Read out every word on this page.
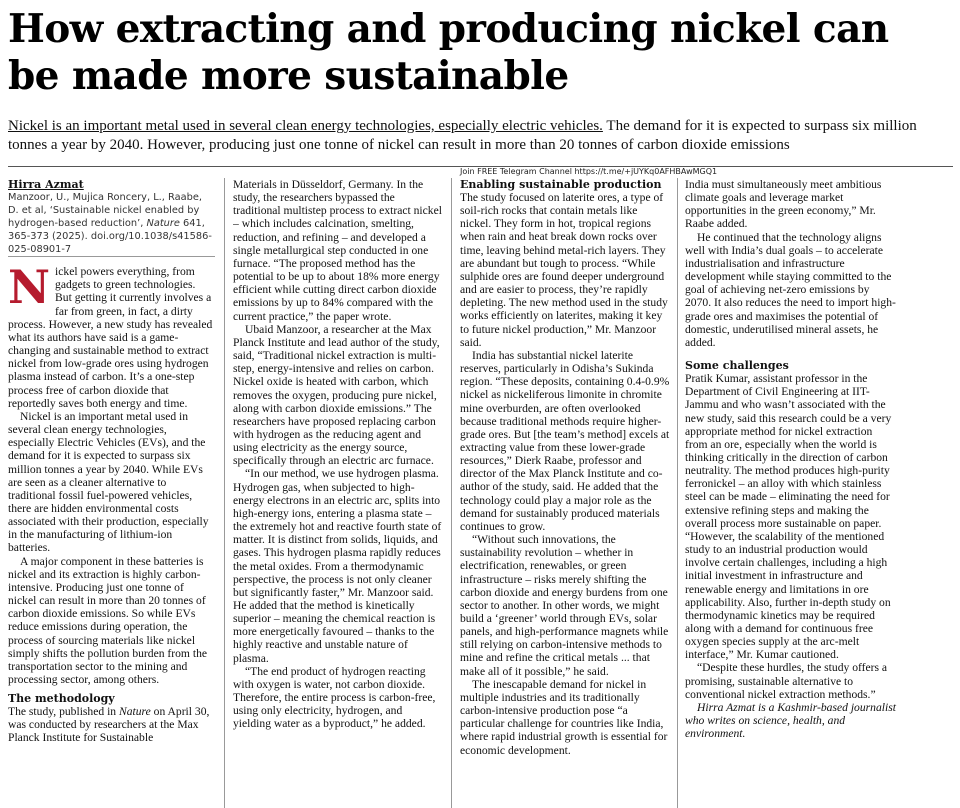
How extracting and producing nickel can be made more sustainable

Nickel is an important metal used in several clean energy technologies, especially electric vehicles. The demand for it is expected to surpass six million tonnes a year by 2040. However, producing just one tonne of nickel can result in more than 20 tonnes of carbon dioxide emissions

Join FREE Telegram Channel https://t.me/+jUYKq0AFHBAwMGQ1

Hirra Azmat

Manzoor, U., Mujica Roncery, L., Raabe, D. et al, ‘Sustainable nickel enabled by hydrogen-based reduction’, Nature 641, 365-373 (2025). doi.org/10.1038/s41586-025-08901-7

Nickel powers everything, from gadgets to green technologies. But getting it currently involves a far from green, in fact, a dirty process. However, a new study has revealed what its authors have said is a game-changing and sustainable method to extract nickel from low-grade ores using hydrogen plasma instead of carbon. It’s a one-step process free of carbon dioxide that reportedly saves both energy and time.

Nickel is an important metal used in several clean energy technologies, especially Electric Vehicles (EVs), and the demand for it is expected to surpass six million tonnes a year by 2040. While EVs are seen as a cleaner alternative to traditional fossil fuel-powered vehicles, there are hidden environmental costs associated with their production, especially in the manufacturing of lithium-ion batteries.

A major component in these batteries is nickel and its extraction is highly carbon-intensive. Producing just one tonne of nickel can result in more than 20 tonnes of carbon dioxide emissions. So while EVs reduce emissions during operation, the process of sourcing materials like nickel simply shifts the pollution burden from the transportation sector to the mining and processing sector, among others.

The methodology

The study, published in Nature on April 30, was conducted by researchers at the Max Planck Institute for Sustainable

Materials in Düsseldorf, Germany. In the study, the researchers bypassed the traditional multistep process to extract nickel – which includes calcination, smelting, reduction, and refining – and developed a single metallurgical step conducted in one furnace. “The proposed method has the potential to be up to about 18% more energy efficient while cutting direct carbon dioxide emissions by up to 84% compared with the current practice,” the paper wrote.

Ubaid Manzoor, a researcher at the Max Planck Institute and lead author of the study, said, “Traditional nickel extraction is multi-step, energy-intensive and relies on carbon. Nickel oxide is heated with carbon, which removes the oxygen, producing pure nickel, along with carbon dioxide emissions.” The researchers have proposed replacing carbon with hydrogen as the reducing agent and using electricity as the energy source, specifically through an electric arc furnace.

“In our method, we use hydrogen plasma. Hydrogen gas, when subjected to high-energy electrons in an electric arc, splits into high-energy ions, entering a plasma state – the extremely hot and reactive fourth state of matter. It is distinct from solids, liquids, and gases. This hydrogen plasma rapidly reduces the metal oxides. From a thermodynamic perspective, the process is not only cleaner but significantly faster,” Mr. Manzoor said. He added that the method is kinetically superior – meaning the chemical reaction is more energetically favoured – thanks to the highly reactive and unstable nature of plasma.

“The end product of hydrogen reacting with oxygen is water, not carbon dioxide. Therefore, the entire process is carbon-free, using only electricity, hydrogen, and yielding water as a byproduct,” he added.

Enabling sustainable production

The study focused on laterite ores, a type of soil-rich rocks that contain metals like nickel. They form in hot, tropical regions when rain and heat break down rocks over time, leaving behind metal-rich layers. They are abundant but tough to process. “While sulphide ores are found deeper underground and are easier to process, they’re rapidly depleting. The new method used in the study works efficiently on laterites, making it key to future nickel production,” Mr. Manzoor said.

India has substantial nickel laterite reserves, particularly in Odisha’s Sukinda region. “These deposits, containing 0.4-0.9% nickel as nickeliferous limonite in chromite mine overburden, are often overlooked because traditional methods require higher-grade ores. But [the team’s method] excels at extracting value from these lower-grade resources,” Dierk Raabe, professor and director of the Max Planck Institute and co-author of the study, said. He added that the technology could play a major role as the demand for sustainably produced materials continues to grow.

“Without such innovations, the sustainability revolution – whether in electrification, renewables, or green infrastructure – risks merely shifting the carbon dioxide and energy burdens from one sector to another. In other words, we might build a ‘greener’ world through EVs, solar panels, and high-performance magnets while still relying on carbon-intensive methods to mine and refine the critical metals ... that make all of it possible,” he said.

The inescapable demand for nickel in multiple industries and its traditionally carbon-intensive production pose “a particular challenge for countries like India, where rapid industrial growth is essential for economic development.

India must simultaneously meet ambitious climate goals and leverage market opportunities in the green economy,” Mr. Raabe added.

He continued that the technology aligns well with India’s dual goals – to accelerate industrialisation and infrastructure development while staying committed to the goal of achieving net-zero emissions by 2070. It also reduces the need to import high-grade ores and maximises the potential of domestic, underutilised mineral assets, he added.

Some challenges

Pratik Kumar, assistant professor in the Department of Civil Engineering at IIT-Jammu and who wasn’t associated with the new study, said this research could be a very appropriate method for nickel extraction from an ore, especially when the world is thinking critically in the direction of carbon neutrality. The method produces high-purity ferronickel – an alloy with which stainless steel can be made – eliminating the need for extensive refining steps and making the overall process more sustainable on paper. “However, the scalability of the mentioned study to an industrial production would involve certain challenges, including a high initial investment in infrastructure and renewable energy and limitations in ore applicability. Also, further in-depth study on thermodynamic kinetics may be required along with a demand for continuous free oxygen species supply at the arc-melt interface,” Mr. Kumar cautioned.

“Despite these hurdles, the study offers a promising, sustainable alternative to conventional nickel extraction methods.”

Hirra Azmat is a Kashmir-based journalist who writes on science, health, and environment.
